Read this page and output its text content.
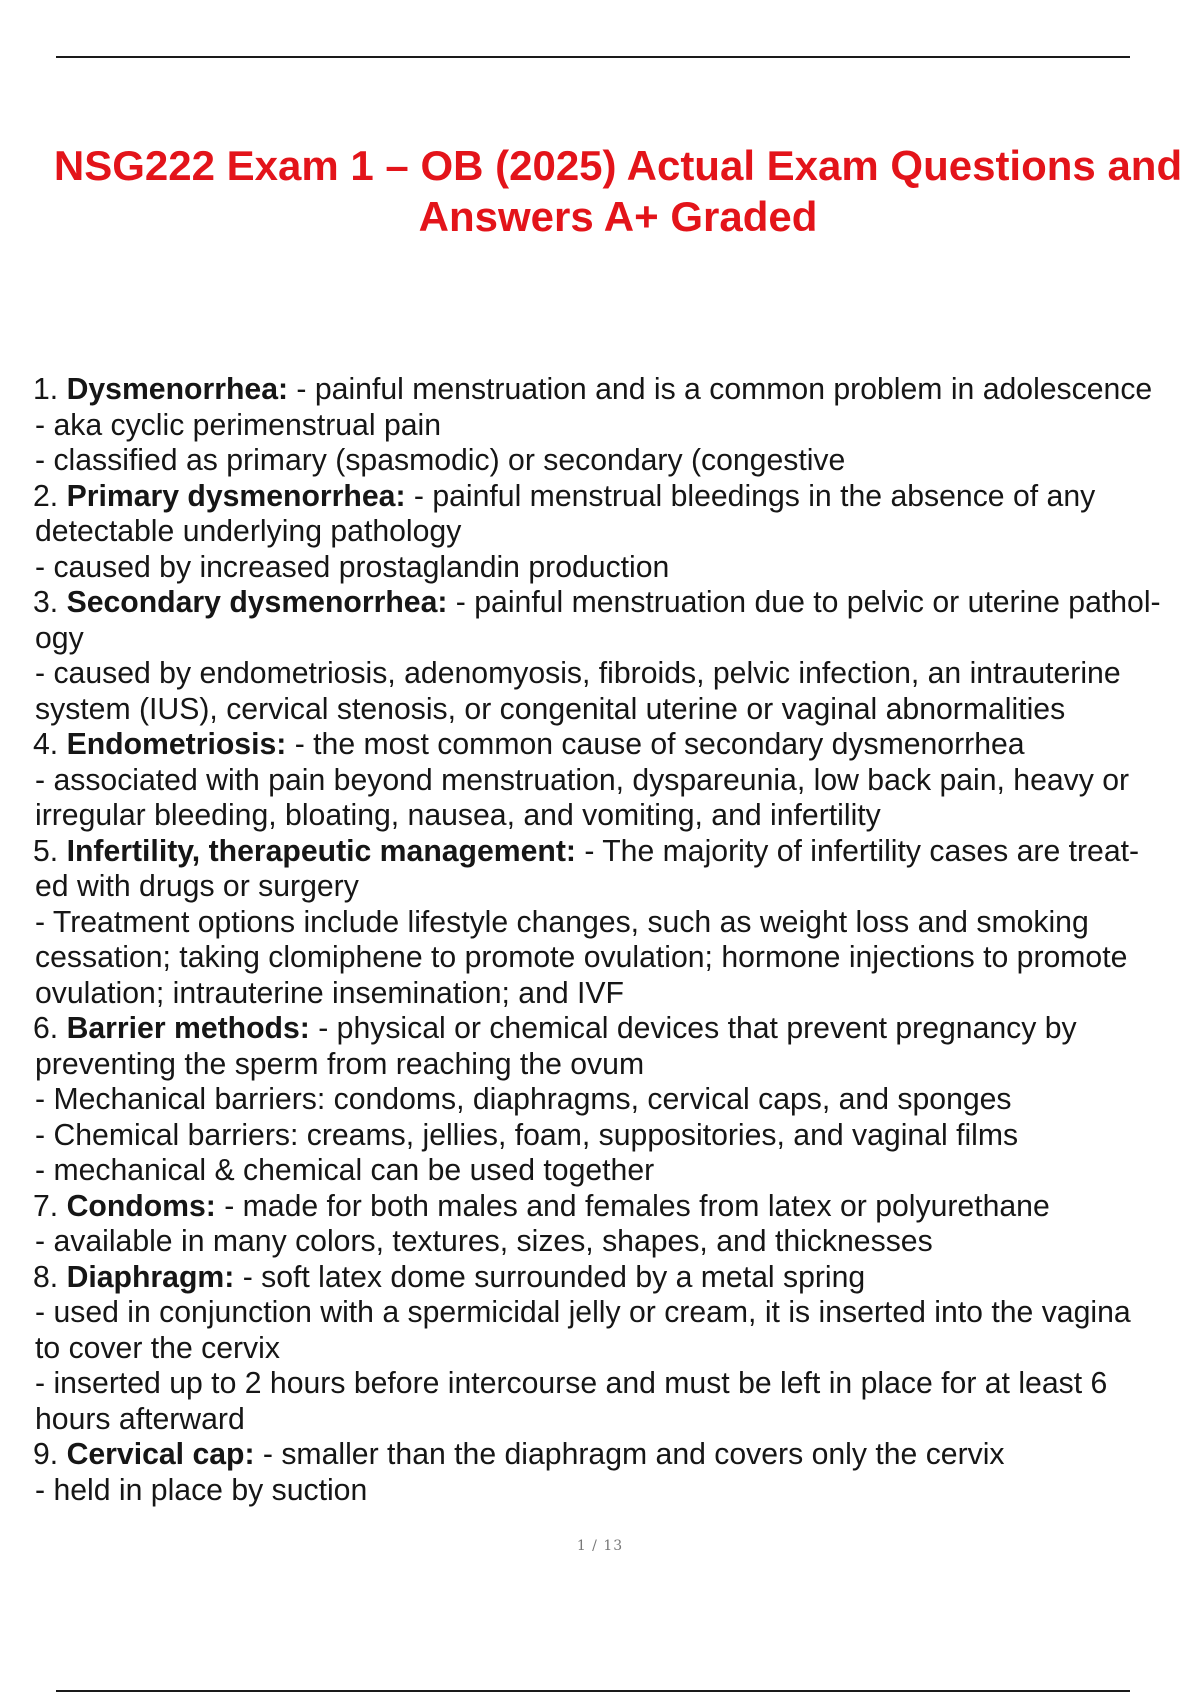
NSG222 Exam 1 – OB (2025) Actual Exam Questions and
Answers A+ Graded
1. Dysmenorrhea: - painful menstruation and is a common problem in adolescence
- aka cyclic perimenstrual pain
- classified as primary (spasmodic) or secondary (congestive
2. Primary dysmenorrhea: - painful menstrual bleedings in the absence of any
detectable underlying pathology
- caused by increased prostaglandin production
3. Secondary dysmenorrhea: - painful menstruation due to pelvic or uterine pathol-
ogy
- caused by endometriosis, adenomyosis, fibroids, pelvic infection, an intrauterine
system (IUS), cervical stenosis, or congenital uterine or vaginal abnormalities
4. Endometriosis: - the most common cause of secondary dysmenorrhea
- associated with pain beyond menstruation, dyspareunia, low back pain, heavy or
irregular bleeding, bloating, nausea, and vomiting, and infertility
5. Infertility, therapeutic management: - The majority of infertility cases are treat-
ed with drugs or surgery
- Treatment options include lifestyle changes, such as weight loss and smoking
cessation; taking clomiphene to promote ovulation; hormone injections to promote
ovulation; intrauterine insemination; and IVF
6. Barrier methods: - physical or chemical devices that prevent pregnancy by
preventing the sperm from reaching the ovum
- Mechanical barriers: condoms, diaphragms, cervical caps, and sponges
- Chemical barriers: creams, jellies, foam, suppositories, and vaginal films
- mechanical & chemical can be used together
7. Condoms: - made for both males and females from latex or polyurethane
- available in many colors, textures, sizes, shapes, and thicknesses
8. Diaphragm: - soft latex dome surrounded by a metal spring
- used in conjunction with a spermicidal jelly or cream, it is inserted into the vagina
to cover the cervix
- inserted up to 2 hours before intercourse and must be left in place for at least 6
hours afterward
9. Cervical cap: - smaller than the diaphragm and covers only the cervix
- held in place by suction
1 / 13
